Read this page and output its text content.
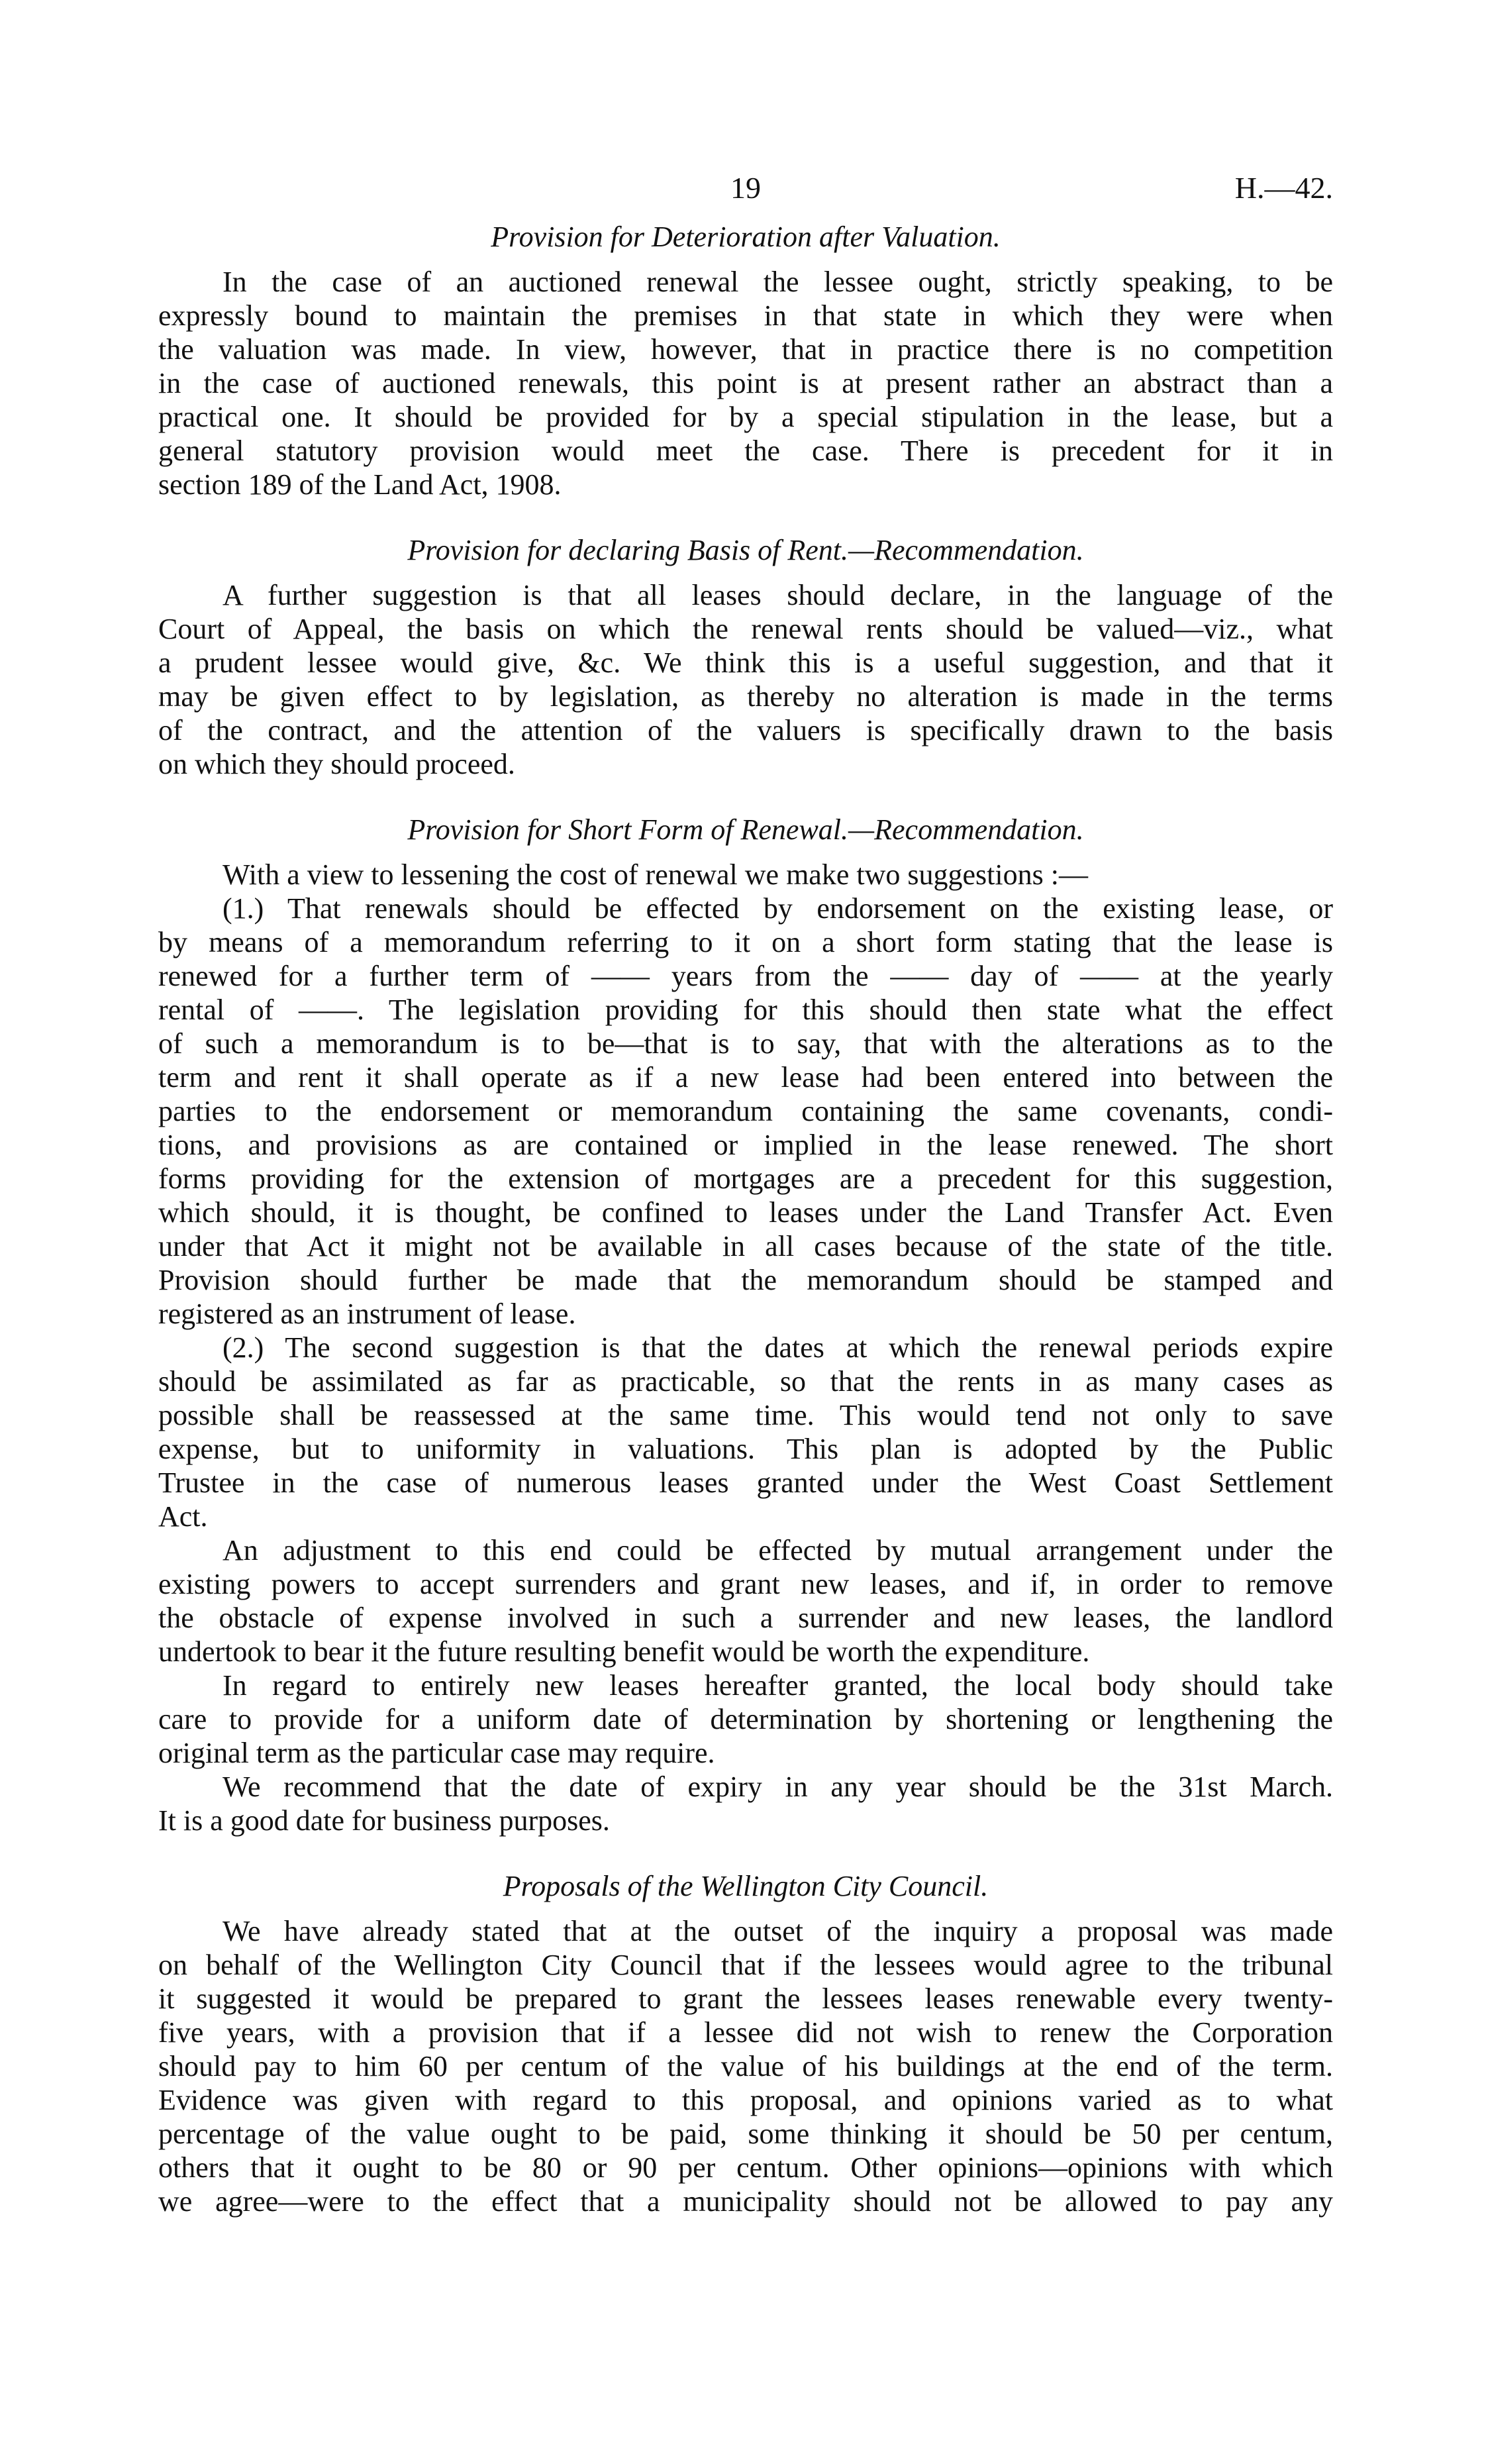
19	H.—42.
Provision for Deterioration after Valuation.
In the case of an auctioned renewal the lessee ought, strictly speaking, to be
expressly bound to maintain the premises in that state in which they were when
the valuation was made. In view, however, that in practice there is no competition
in the case of auctioned renewals, this point is at present rather an abstract than a
practical one. It should be provided for by a special stipulation in the lease, but a
general statutory provision would meet the case. There is precedent for it in
section 189 of the Land Act, 1908.
Provision for declaring Basis of Rent.—Recommendation.
A further suggestion is that all leases should declare, in the language of the
Court of Appeal, the basis on which the renewal rents should be valued—viz., what
a prudent lessee would give, &c. We think this is a useful suggestion, and that it
may be given effect to by legislation, as thereby no alteration is made in the terms
of the contract, and the attention of the valuers is specifically drawn to the basis
on which they should proceed.
Provision for Short Form of Renewal.—Recommendation.
With a view to lessening the cost of renewal we make two suggestions :—
(1.) That renewals should be effected by endorsement on the existing lease, or
by means of a memorandum referring to it on a short form stating that the lease is
renewed for a further term of —— years from the —— day of —— at the yearly
rental of ——. The legislation providing for this should then state what the effect
of such a memorandum is to be—that is to say, that with the alterations as to the
term and rent it shall operate as if a new lease had been entered into between the
parties to the endorsement or memorandum containing the same covenants, condi-
tions, and provisions as are contained or implied in the lease renewed. The short
forms providing for the extension of mortgages are a precedent for this suggestion,
which should, it is thought, be confined to leases under the Land Transfer Act. Even
under that Act it might not be available in all cases because of the state of the title.
Provision should further be made that the memorandum should be stamped and
registered as an instrument of lease.
(2.) The second suggestion is that the dates at which the renewal periods expire
should be assimilated as far as practicable, so that the rents in as many cases as
possible shall be reassessed at the same time. This would tend not only to save
expense, but to uniformity in valuations. This plan is adopted by the Public
Trustee in the case of numerous leases granted under the West Coast Settlement
Act.
An adjustment to this end could be effected by mutual arrangement under the
existing powers to accept surrenders and grant new leases, and if, in order to remove
the obstacle of expense involved in such a surrender and new leases, the landlord
undertook to bear it the future resulting benefit would be worth the expenditure.
In regard to entirely new leases hereafter granted, the local body should take
care to provide for a uniform date of determination by shortening or lengthening the
original term as the particular case may require.
We recommend that the date of expiry in any year should be the 31st March.
It is a good date for business purposes.
Proposals of the Wellington City Council.
We have already stated that at the outset of the inquiry a proposal was made
on behalf of the Wellington City Council that if the lessees would agree to the tribunal
it suggested it would be prepared to grant the lessees leases renewable every twenty-
five years, with a provision that if a lessee did not wish to renew the Corporation
should pay to him 60 per centum of the value of his buildings at the end of the term.
Evidence was given with regard to this proposal, and opinions varied as to what
percentage of the value ought to be paid, some thinking it should be 50 per centum,
others that it ought to be 80 or 90 per centum. Other opinions—opinions with which
we agree—were to the effect that a municipality should not be allowed to pay any
